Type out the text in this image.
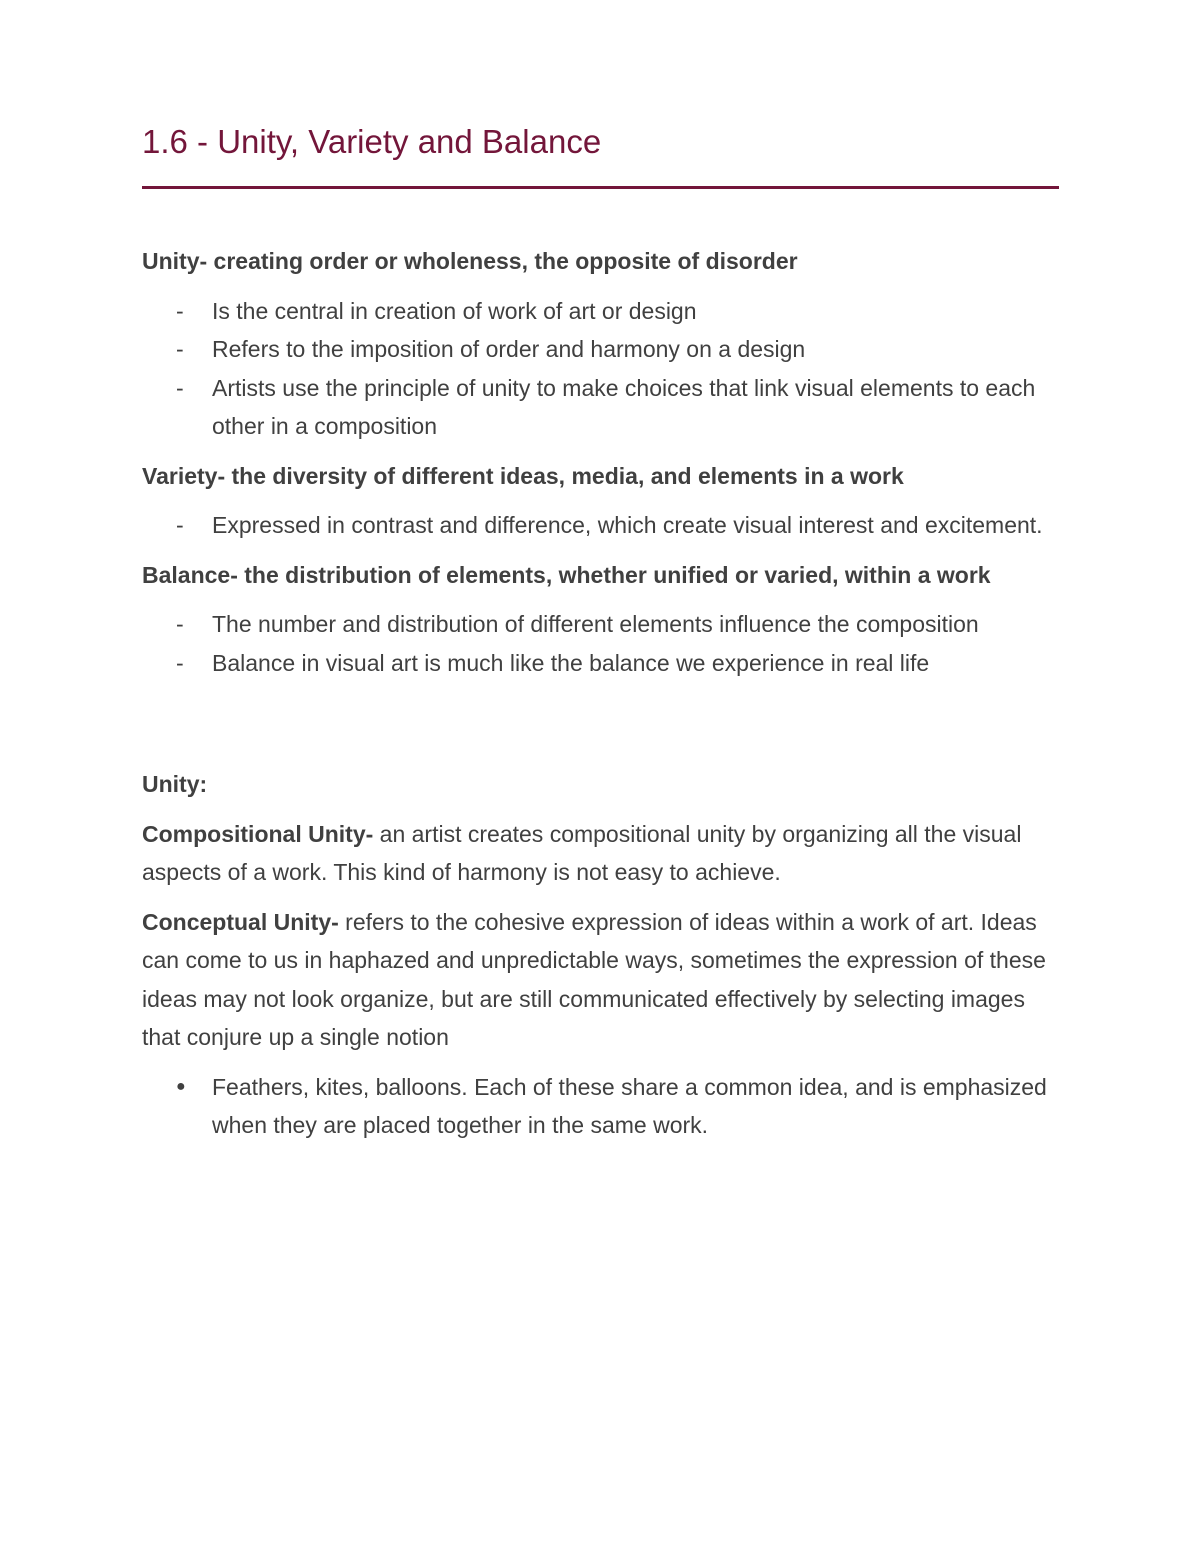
1.6 - Unity, Variety and Balance

Unity- creating order or wholeness, the opposite of disorder

- Is the central in creation of work of art or design
- Refers to the imposition of order and harmony on a design
- Artists use the principle of unity to make choices that link visual elements to each other in a composition

Variety- the diversity of different ideas, media, and elements in a work

- Expressed in contrast and difference, which create visual interest and excitement.

Balance- the distribution of elements, whether unified or varied, within a work

- The number and distribution of different elements influence the composition
- Balance in visual art is much like the balance we experience in real life

Unity:

Compositional Unity- an artist creates compositional unity by organizing all the visual aspects of a work. This kind of harmony is not easy to achieve.

Conceptual Unity- refers to the cohesive expression of ideas within a work of art. Ideas can come to us in haphazed and unpredictable ways, sometimes the expression of these ideas may not look organize, but are still communicated effectively by selecting images that conjure up a single notion

● Feathers, kites, balloons. Each of these share a common idea, and is emphasized when they are placed together in the same work.
